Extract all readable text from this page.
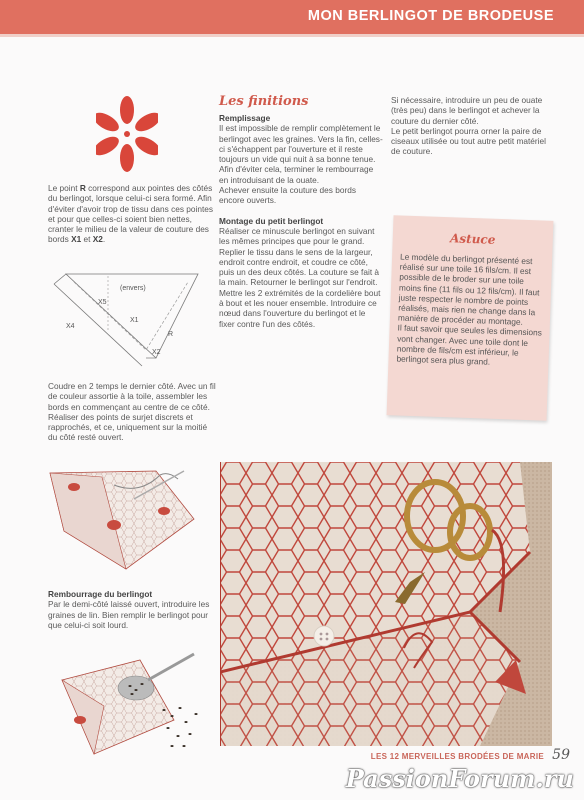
MON BERLINGOT DE BRODEUSE
Le point R correspond aux pointes des côtés du berlingot, lorsque celui-ci sera formé. Afin d'éviter d'avoir trop de tissu dans ces pointes et pour que celles-ci soient bien nettes, cranter le milieu de la valeur de couture des bords X1 et X2.
(envers)
X5
X4
X1
R
X2
Coudre en 2 temps le dernier côté. Avec un fil de couleur assortie à la toile, assembler les bords en commençant au centre de ce côté. Réaliser des points de surjet discrets et rapprochés, et ce, uniquement sur la moitié du côté resté ouvert.
Rembourrage du berlingot
Par le demi-côté laissé ouvert, introduire les graines de lin. Bien remplir le berlingot pour que celui-ci soit lourd.
Les finitions
Remplissage

Il est impossible de remplir complètement le berlingot avec les graines. Vers la fin, celles-ci s'échappent par l'ouverture et il reste toujours un vide qui nuit à sa bonne tenue.

Afin d'éviter cela, terminer le rembourrage en introduisant de la ouate.

Achever ensuite la couture des bords encore ouverts.

Montage du petit berlingot

Réaliser ce minuscule berlingot en suivant les mêmes principes que pour le grand.

Replier le tissu dans le sens de la largeur, endroit contre endroit, et coudre ce côté, puis un des deux côtés. La couture se fait à la main. Retourner le berlingot sur l'endroit. Mettre les 2 extrémités de la cordelière bout à bout et les nouer ensemble. Introduire ce nœud dans l'ouverture du berlingot et le fixer contre l'un des côtés.

Si nécessaire, introduire un peu de ouate (très peu) dans le berlingot et achever la couture du dernier côté.

Le petit berlingot pourra orner la paire de ciseaux utilisée ou tout autre petit matériel de couture.

Astuce
Le modèle du berlingot présenté est réalisé sur une toile 16 fils/cm. Il est possible de le broder sur une toile moins fine (11 fils ou 12 fils/cm). Il faut juste respecter le nombre de points réalisés, mais rien ne change dans la manière de procéder au montage.
Il faut savoir que seules les dimensions vont changer. Avec une toile dont le nombre de fils/cm est inférieur, le berlingot sera plus grand.
LES 12 MERVEILLES BRODÉES DE MARIE 59
PassionForum.ru
